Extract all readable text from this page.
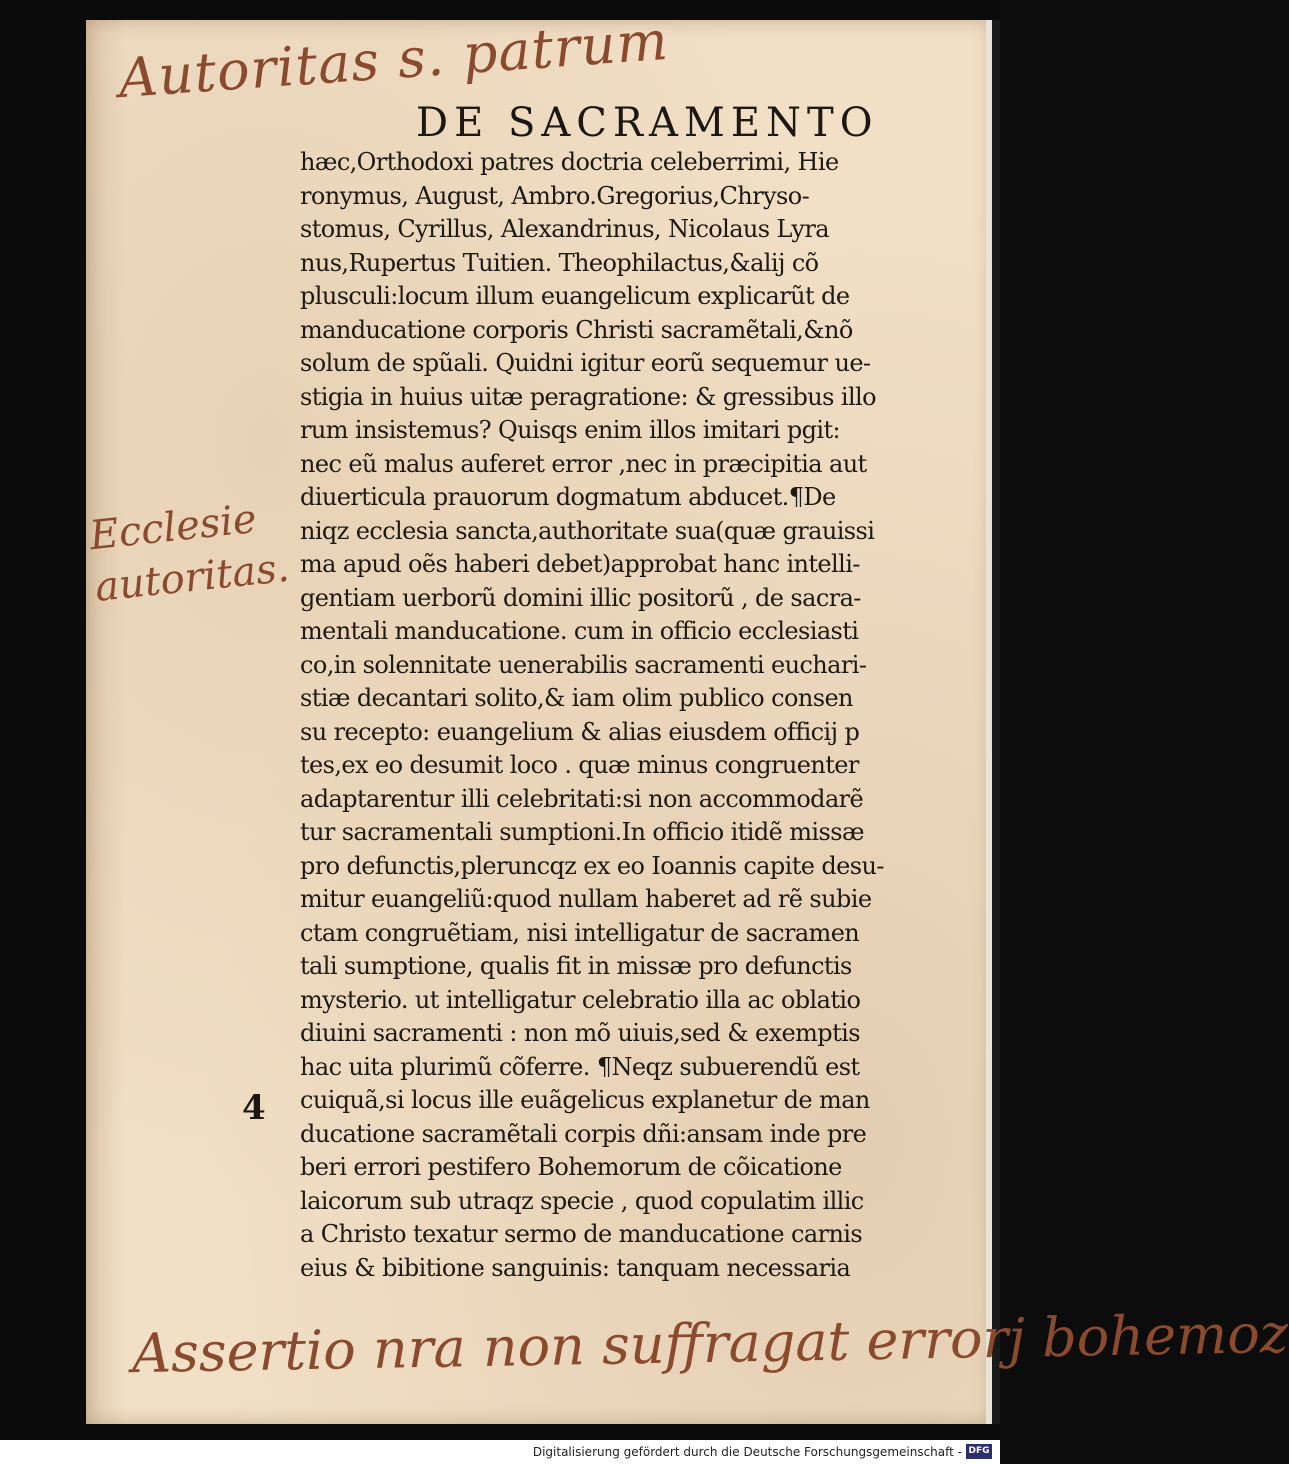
Autoritas s. patrum
Ecclesie
autoritas.
DE SACRAMENTO
hæc,Orthodoxi patres doctria celeberrimi, Hie
ronymus, August, Ambro.Gregorius,Chryso-
stomus, Cyrillus, Alexandrinus, Nicolaus Lyra
nus,Rupertus Tuitien. Theophilactus,&alij cõ
plusculi:locum illum euangelicum explicarũt de
manducatione corporis Christi sacramẽtali,&nõ
solum de spũali. Quidni igitur eorũ sequemur ue-
stigia in huius uitæ peragratione: & gressibus illo
rum insistemus? Quisqs enim illos imitari pgit:
nec eũ malus auferet error ,nec in præcipitia aut
diuerticula prauorum dogmatum abducet.¶De
niqz ecclesia sancta,authoritate sua(quæ grauissi
ma apud oẽs haberi debet)approbat hanc intelli-
gentiam uerborũ domini illic positorũ , de sacra-
mentali manducatione. cum in officio ecclesiasti
co,in solennitate uenerabilis sacramenti euchari-
stiæ decantari solito,& iam olim publico consen
su recepto: euangelium & alias eiusdem officij p
tes,ex eo desumit loco . quæ minus congruenter
adaptarentur illi celebritati:si non accommodarẽ
tur sacramentali sumptioni.In officio itidẽ missæ
pro defunctis,pleruncqz ex eo Ioannis capite desu-
mitur euangeliũ:quod nullam haberet ad rẽ subie
ctam congruẽtiam, nisi intelligatur de sacramen
tali sumptione, qualis fit in missæ pro defunctis
mysterio. ut intelligatur celebratio illa ac oblatio
diuini sacramenti : non mõ uiuis,sed & exemptis
hac uita plurimũ cõferre. ¶Neqz subuerendũ est
cuiquã,si locus ille euãgelicus explanetur de man
ducatione sacramẽtali corpis dñi:ansam inde pre
beri errori pestifero Bohemorum de cõicatione
laicorum sub utraqz specie , quod copulatim illic
a Christo texatur sermo de manducatione carnis
eius & bibitione sanguinis: tanquam necessaria
4
Assertio nra non suffragat errorj bohemoz
Digitalisierung gefördert durch die Deutsche Forschungsgemeinschaft - DFG
